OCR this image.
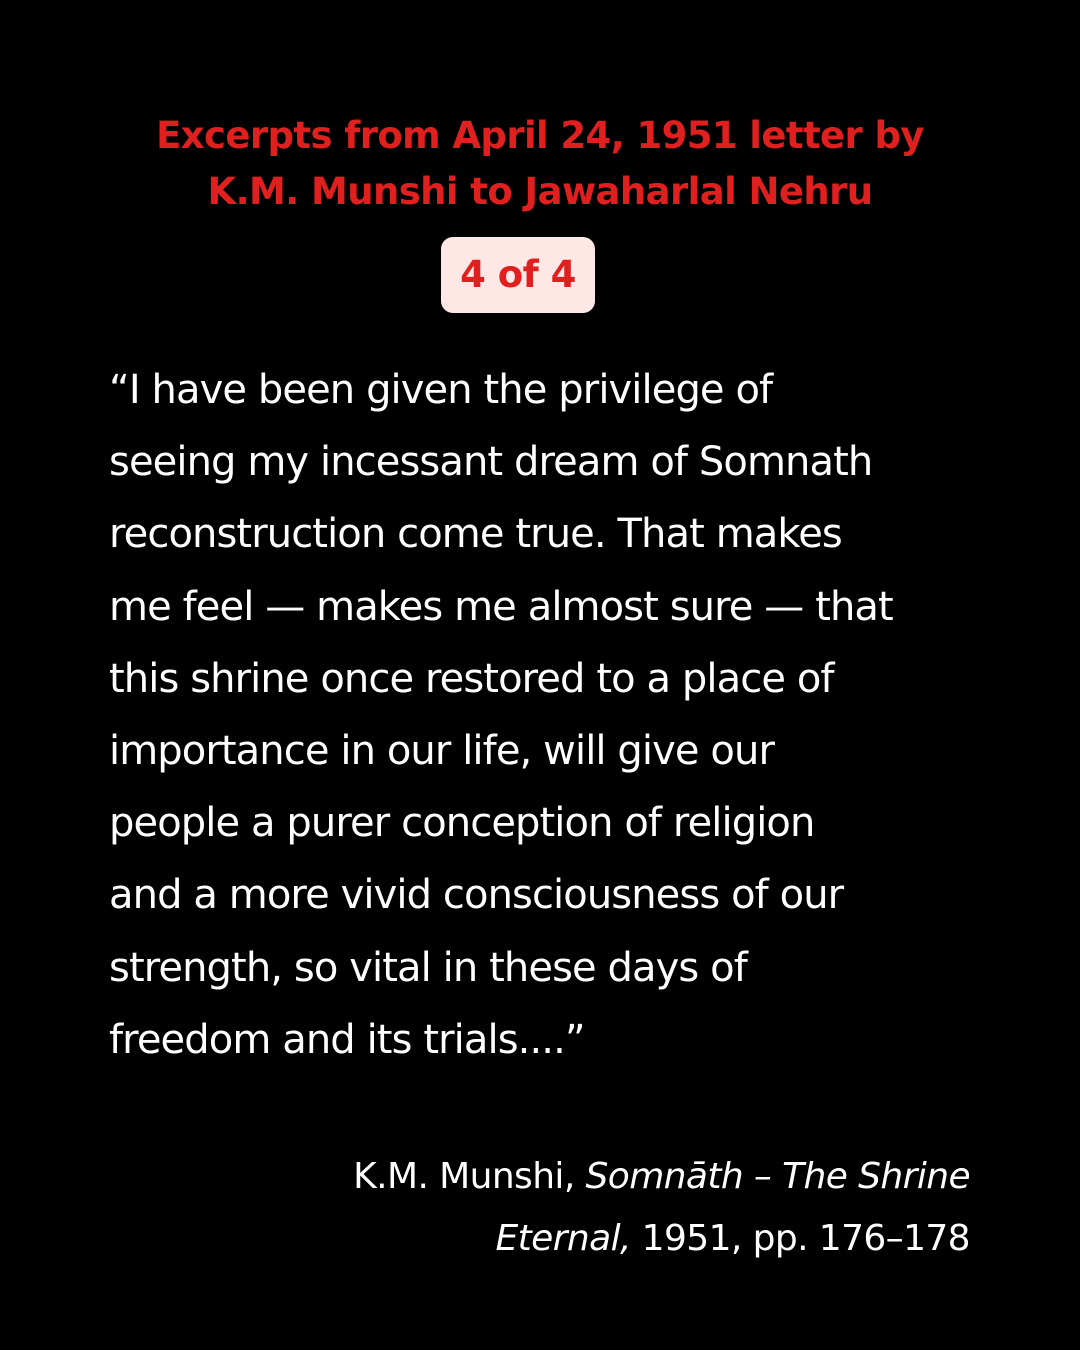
Excerpts from April 24, 1951 letter by
K.M. Munshi to Jawaharlal Nehru
4 of 4
“I have been given the privilege of
seeing my incessant dream of Somnath
reconstruction come true. That makes
me feel — makes me almost sure — that
this shrine once restored to a place of
importance in our life, will give our
people a purer conception of religion
and a more vivid consciousness of our
strength, so vital in these days of
freedom and its trials....”
K.M. Munshi, Somnāth – The Shrine
Eternal, 1951, pp. 176–178
